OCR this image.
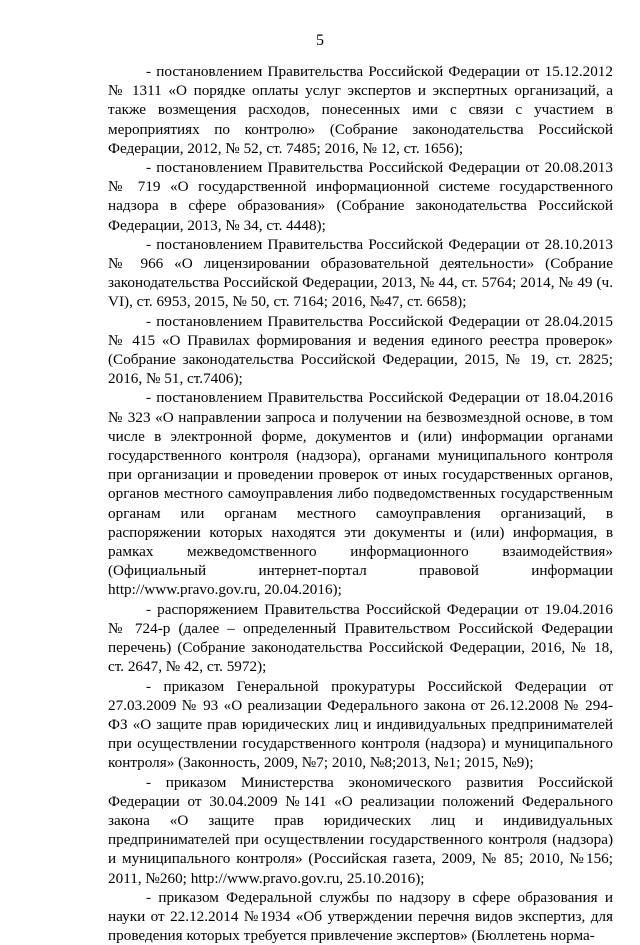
5

- постановлением Правительства Российской Федерации от 15.12.2012 № 1311 «О порядке оплаты услуг экспертов и экспертных организаций, а также возмещения расходов, понесенных ими с связи с участием в мероприятиях по контролю» (Собрание законодательства Российской Федерации, 2012, № 52, ст. 7485; 2016, № 12, ст. 1656);

- постановлением Правительства Российской Федерации от 20.08.2013 № 719 «О государственной информационной системе государственного надзора в сфере образования» (Собрание законодательства Российской Федерации, 2013, № 34, ст. 4448);

- постановлением Правительства Российской Федерации от 28.10.2013 № 966 «О лицензировании образовательной деятельности» (Собрание законодательства Российской Федерации, 2013, № 44, ст. 5764; 2014, № 49 (ч. VI), ст. 6953, 2015, № 50, ст. 7164; 2016, №47, ст. 6658);

- постановлением Правительства Российской Федерации от 28.04.2015 № 415 «О Правилах формирования и ведения единого реестра проверок» (Собрание законодательства Российской Федерации, 2015, № 19, ст. 2825; 2016, № 51, ст.7406);

- постановлением Правительства Российской Федерации от 18.04.2016 № 323 «О направлении запроса и получении на безвозмездной основе, в том числе в электронной форме, документов и (или) информации органами государственного контроля (надзора), органами муниципального контроля при организации и проведении проверок от иных государственных органов, органов местного самоуправления либо подведомственных государственным органам или органам местного самоуправления организаций, в распоряжении которых находятся эти документы и (или) информация, в рамках межведомственного информационного взаимодействия» (Официальный интернет-портал правовой информации http://www.pravo.gov.ru, 20.04.2016);

- распоряжением Правительства Российской Федерации от 19.04.2016 № 724-р (далее – определенный Правительством Российской Федерации перечень) (Собрание законодательства Российской Федерации, 2016, № 18, ст. 2647, № 42, ст. 5972);

- приказом Генеральной прокуратуры Российской Федерации от 27.03.2009 № 93 «О реализации Федерального закона от 26.12.2008 № 294-ФЗ «О защите прав юридических лиц и индивидуальных предпринимателей при осуществлении государственного контроля (надзора) и муниципального контроля» (Законность, 2009, №7; 2010, №8;2013, №1; 2015, №9);

- приказом Министерства экономического развития Российской Федерации от 30.04.2009 №141 «О реализации положений Федерального закона «О защите прав юридических лиц и индивидуальных предпринимателей при осуществлении государственного контроля (надзора) и муниципального контроля» (Российская газета, 2009, № 85; 2010, №156; 2011, №260; http://www.pravo.gov.ru, 25.10.2016);

- приказом Федеральной службы по надзору в сфере образования и науки от 22.12.2014 №1934 «Об утверждении перечня видов экспертиз, для проведения которых требуется привлечение экспертов» (Бюллетень норма-
